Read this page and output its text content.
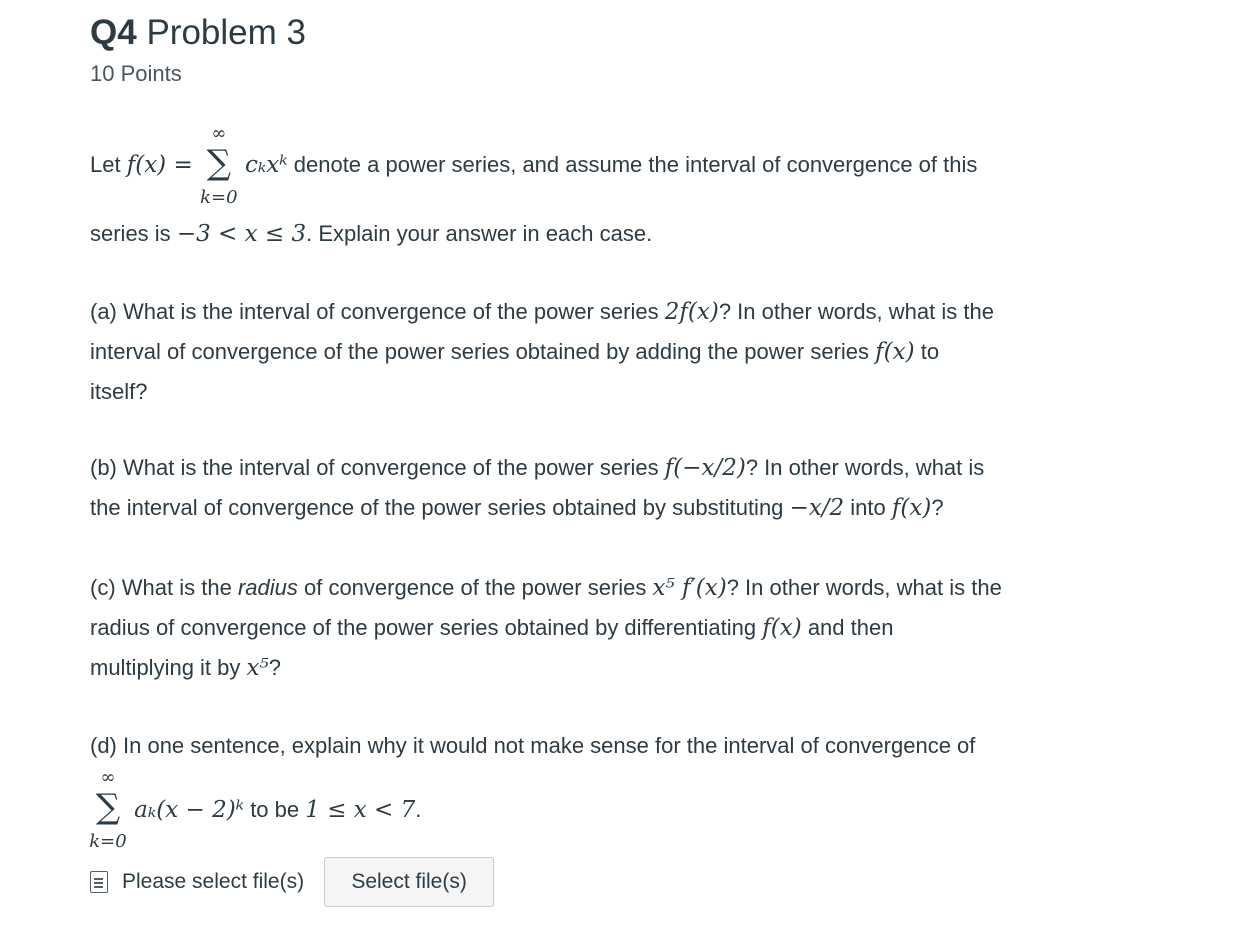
Q4 Problem 3
10 Points
Let f(x) =
∞
∑
k=0
cₖxᵏ denote a power series, and assume the interval of convergence of this
series is −3 < x ≤ 3. Explain your answer in each case.
(a) What is the interval of convergence of the power series 2f(x)? In other words, what is the
interval of convergence of the power series obtained by adding the power series f(x) to
itself?
(b) What is the interval of convergence of the power series f(−x/2)? In other words, what is
the interval of convergence of the power series obtained by substituting −x/2 into f(x)?
(c) What is the radius of convergence of the power series x⁵ f′(x)? In other words, what is the
radius of convergence of the power series obtained by differentiating f(x) and then
multiplying it by x⁵?
(d) In one sentence, explain why it would not make sense for the interval of convergence of
∞
∑
k=0
aₖ(x − 2)ᵏ to be 1 ≤ x < 7.
Please select file(s)	Select file(s)
